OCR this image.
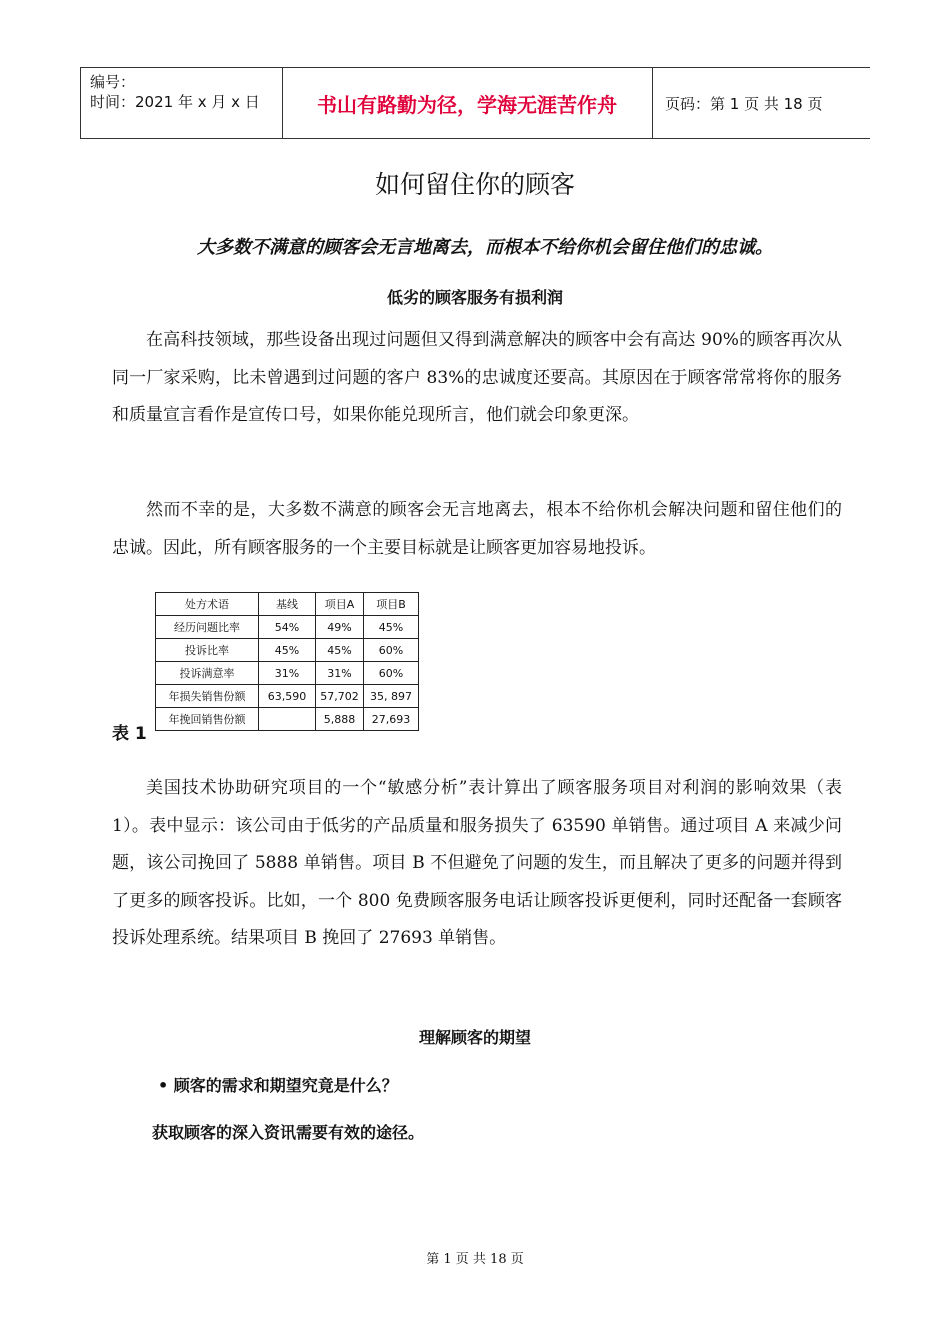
编号：
时间：2021 年 x 月 x 日	书山有路勤为径，学海无涯苦作舟	页码：第 1 页 共 18 页
如何留住你的顾客
大多数不满意的顾客会无言地离去，而根本不给你机会留住他们的忠诚。
低劣的顾客服务有损利润
在高科技领域，那些设备出现过问题但又得到满意解决的顾客中会有高达 90%的顾客再次从同一厂家采购，比未曾遇到过问题的客户 83%的忠诚度还要高。其原因在于顾客常常将你的服务和质量宣言看作是宣传口号，如果你能兑现所言，他们就会印象更深。
然而不幸的是，大多数不满意的顾客会无言地离去，根本不给你机会解决问题和留住他们的忠诚。因此，所有顾客服务的一个主要目标就是让顾客更加容易地投诉。
处方术语	基线	项目A	项目B
经历问题比率	54%	49%	45%
投诉比率	45%	45%	60%
投诉满意率	31%	31%	60%
年损失销售份额	63,590	57,702	35, 897
年挽回销售份额		5,888	27,693
表 1
美国技术协助研究项目的一个“敏感分析”表计算出了顾客服务项目对利润的影响效果（表 1）。表中显示：该公司由于低劣的产品质量和服务损失了 63590 单销售。通过项目 A 来减少问题，该公司挽回了 5888 单销售。项目 B 不但避免了问题的发生，而且解决了更多的问题并得到了更多的顾客投诉。比如，一个 800 免费顾客服务电话让顾客投诉更便利，同时还配备一套顾客投诉处理系统。结果项目 B 挽回了 27693 单销售。
理解顾客的期望
• 顾客的需求和期望究竟是什么？
获取顾客的深入资讯需要有效的途径。
第 1 页 共 18 页
